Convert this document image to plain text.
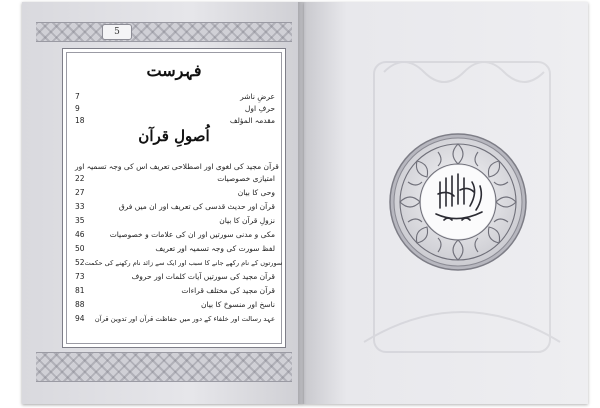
5
فہرست
7	عرضِ ناشر
9	حرفِ اول
18	مقدمہ المؤلف
اُصولِ قرآن
قرآن مجید کی لغوی اور اصطلاحی تعریف اس کی وجہ تسمیہ اور
22	امتیازی خصوصیات
27	وحی کا بیان
33	قرآن اور حدیث قدسی کی تعریف اور ان میں فرق
35	نزولِ قرآن کا بیان
46	مکی و مدنی سورتیں اور ان کی علامات و خصوصیات
50	لفظ سورت کی وجہ تسمیہ اور تعریف
52 سورتوں کے نام رکھے جانے کا سبب اور ایک سے زائد نام رکھنے کی حکمت
73	قرآن مجید کی سورتیں آیات کلمات اور حروف
81	قرآن مجید کی مختلف قراءات
88	ناسخ اور منسوخ کا بیان
94	عہد رسالت اور خلفاء کے دور میں حفاظت قرآن اور تدوین قرآن
